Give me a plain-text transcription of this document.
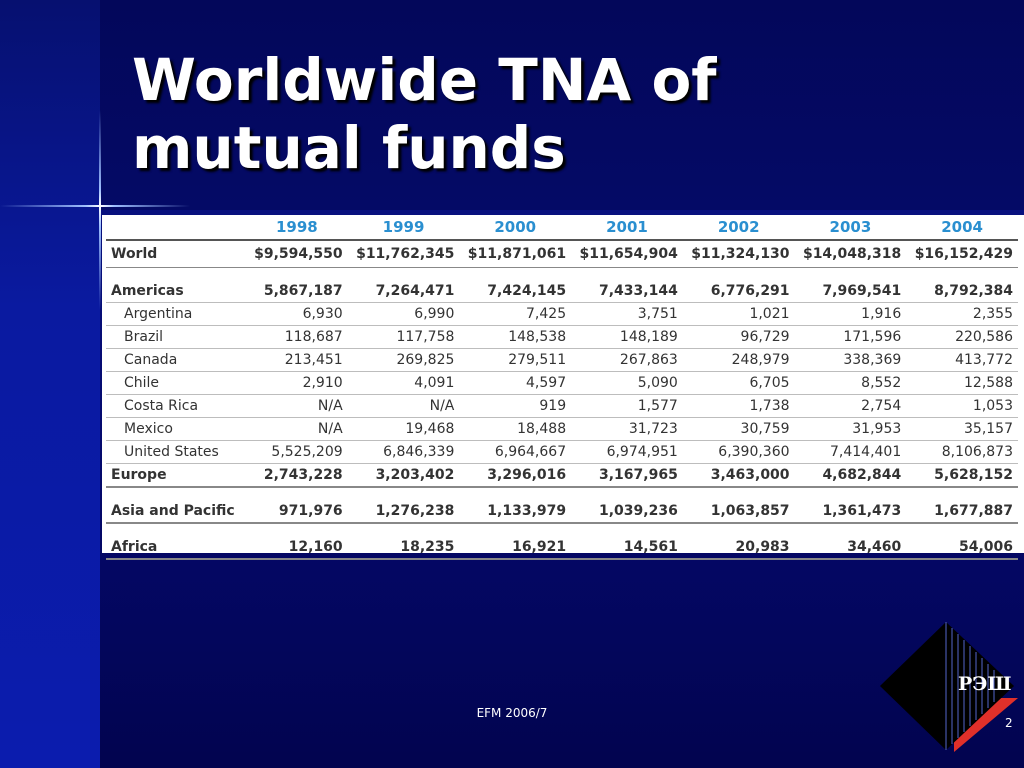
Worldwide TNA of
mutual funds
	1998	1999	2000	2001	2002	2003	2004
World	$9,594,550	$11,762,345	$11,871,061	$11,654,904	$11,324,130	$14,048,318	$16,152,429

Americas	5,867,187	7,264,471	7,424,145	7,433,144	6,776,291	7,969,541	8,792,384
Argentina	6,930	6,990	7,425	3,751	1,021	1,916	2,355
Brazil	118,687	117,758	148,538	148,189	96,729	171,596	220,586
Canada	213,451	269,825	279,511	267,863	248,979	338,369	413,772
Chile	2,910	4,091	4,597	5,090	6,705	8,552	12,588
Costa Rica	N/A	N/A	919	1,577	1,738	2,754	1,053
Mexico	N/A	19,468	18,488	31,723	30,759	31,953	35,157
United States	5,525,209	6,846,339	6,964,667	6,974,951	6,390,360	7,414,401	8,106,873
Europe	2,743,228	3,203,402	3,296,016	3,167,965	3,463,000	4,682,844	5,628,152

Asia and Pacific	971,976	1,276,238	1,133,979	1,039,236	1,063,857	1,361,473	1,677,887

Africa	12,160	18,235	16,921	14,561	20,983	34,460	54,006
EFM 2006/7
РЭШ
2
